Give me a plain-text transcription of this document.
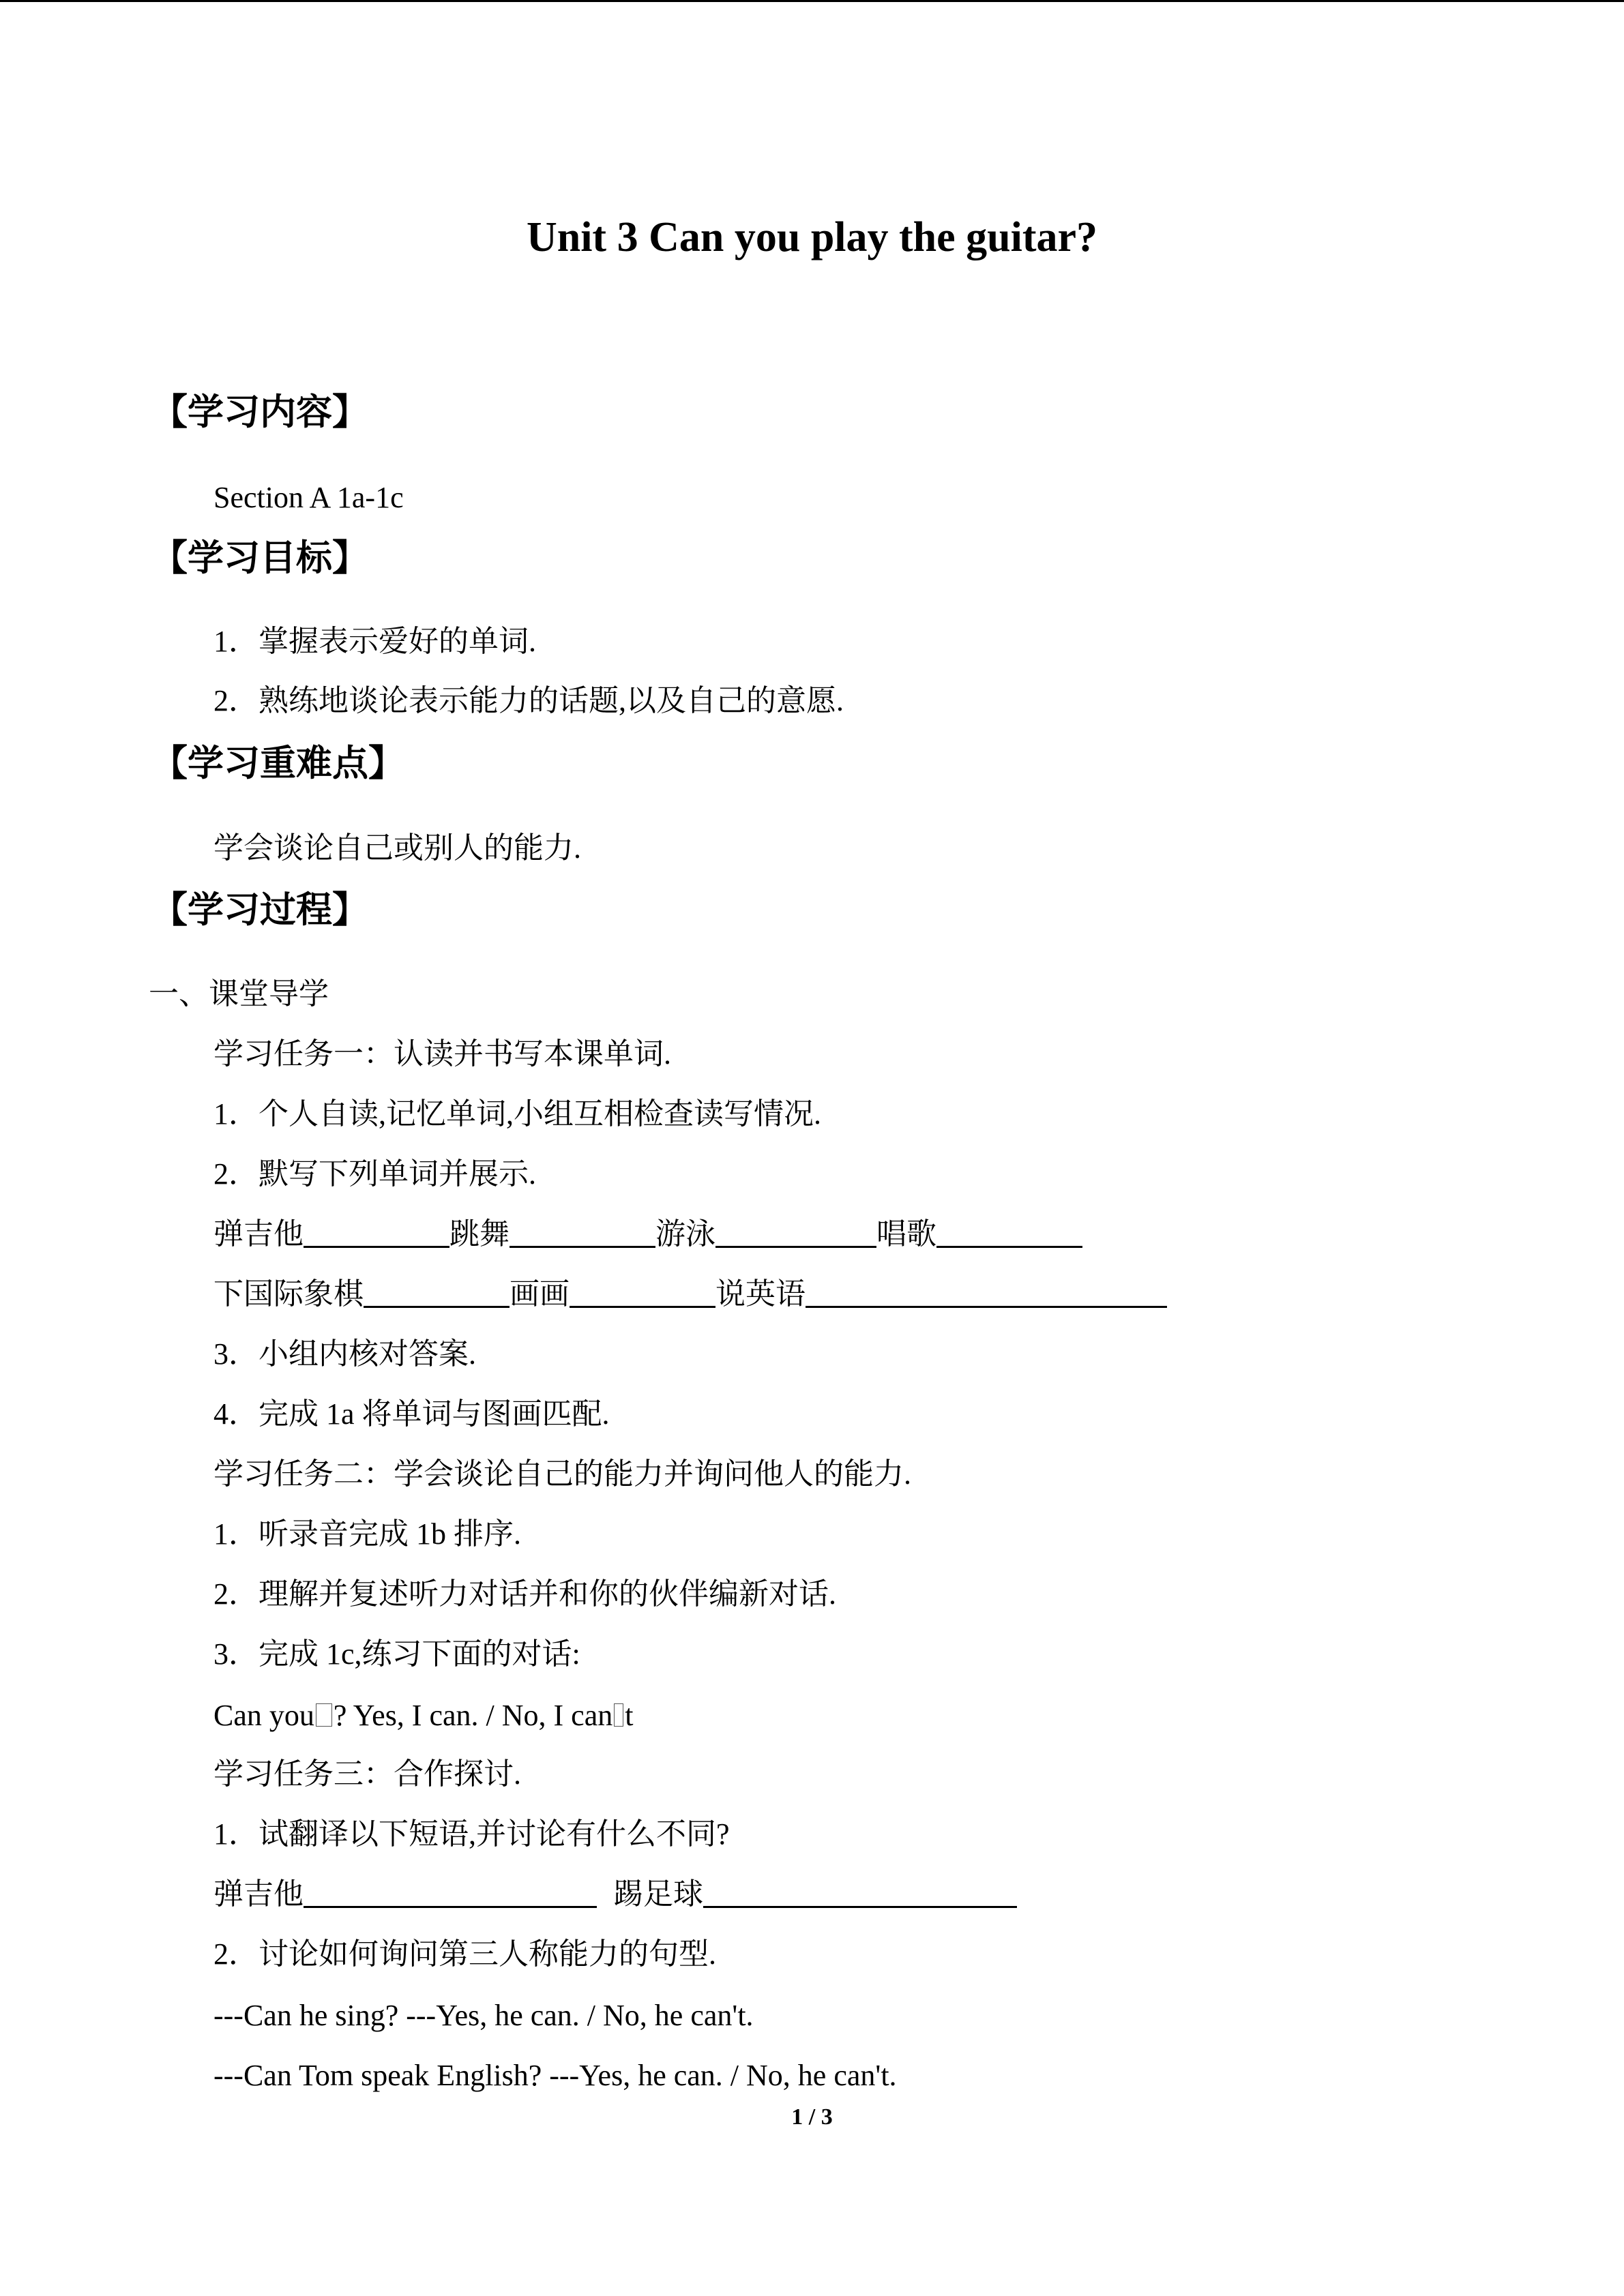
Unit 3 Can you play the guitar?
【学习内容】
Section A 1a-1c
【学习目标】
1．掌握表示爱好的单词.
2．熟练地谈论表示能力的话题,以及自己的意愿.
【学习重难点】
学会谈论自己或别人的能力.
【学习过程】
一、课堂导学
学习任务一：认读并书写本课单词.
1．个人自读,记忆单词,小组互相检查读写情况.
2．默写下列单词并展示.
弹吉他	跳舞	游泳	唱歌
下国际象棋	画画	说英语
3．小组内核对答案.
4．完成 1a 将单词与图画匹配.
学习任务二：学会谈论自己的能力并询问他人的能力.
1．听录音完成 1b 排序.
2．理解并复述听力对话并和你的伙伴编新对话.
3．完成 1c,练习下面的对话:
Can you ? Yes, I can. / No, I can t
学习任务三：合作探讨.
1．试翻译以下短语,并讨论有什么不同?
弹吉他	踢足球
2．讨论如何询问第三人称能力的句型.
---Can he sing? ---Yes, he can. / No, he can't.
---Can Tom speak English? ---Yes, he can. / No, he can't.
1 / 3
